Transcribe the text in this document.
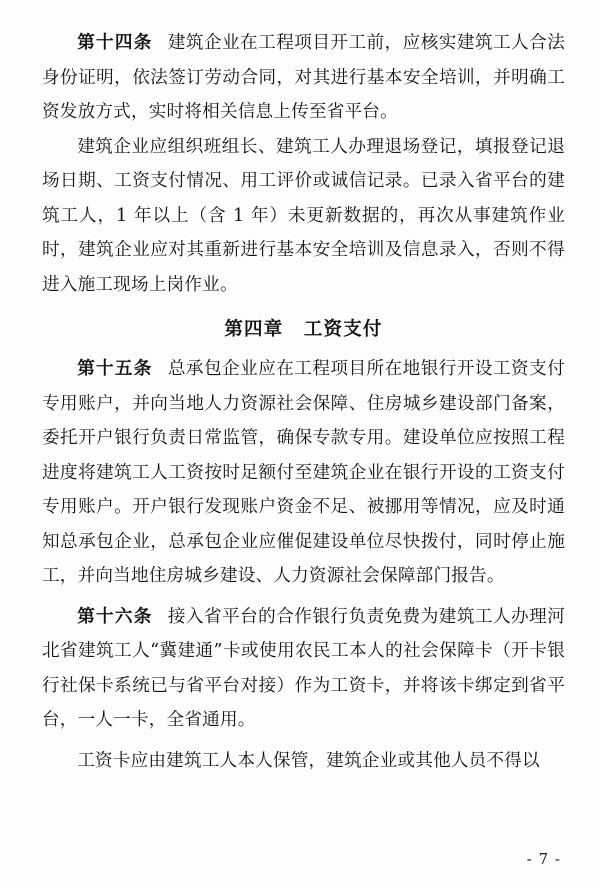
第十四条 建筑企业在工程项目开工前，应核实建筑工人合法身份证明，依法签订劳动合同，对其进行基本安全培训，并明确工资发放方式，实时将相关信息上传至省平台。

建筑企业应组织班组长、建筑工人办理退场登记，填报登记退场日期、工资支付情况、用工评价或诚信记录。已录入省平台的建筑工人，1 年以上（含 1 年）未更新数据的，再次从事建筑作业时，建筑企业应对其重新进行基本安全培训及信息录入，否则不得进入施工现场上岗作业。

第四章 工资支付

第十五条 总承包企业应在工程项目所在地银行开设工资支付专用账户，并向当地人力资源社会保障、住房城乡建设部门备案，委托开户银行负责日常监管，确保专款专用。建设单位应按照工程进度将建筑工人工资按时足额付至建筑企业在银行开设的工资支付专用账户。开户银行发现账户资金不足、被挪用等情况，应及时通知总承包企业，总承包企业应催促建设单位尽快拨付，同时停止施工，并向当地住房城乡建设、人力资源社会保障部门报告。

第十六条 接入省平台的合作银行负责免费为建筑工人办理河北省建筑工人“冀建通”卡或使用农民工本人的社会保障卡（开卡银行社保卡系统已与省平台对接）作为工资卡，并将该卡绑定到省平台，一人一卡，全省通用。

工资卡应由建筑工人本人保管，建筑企业或其他人员不得以

- 7 -
